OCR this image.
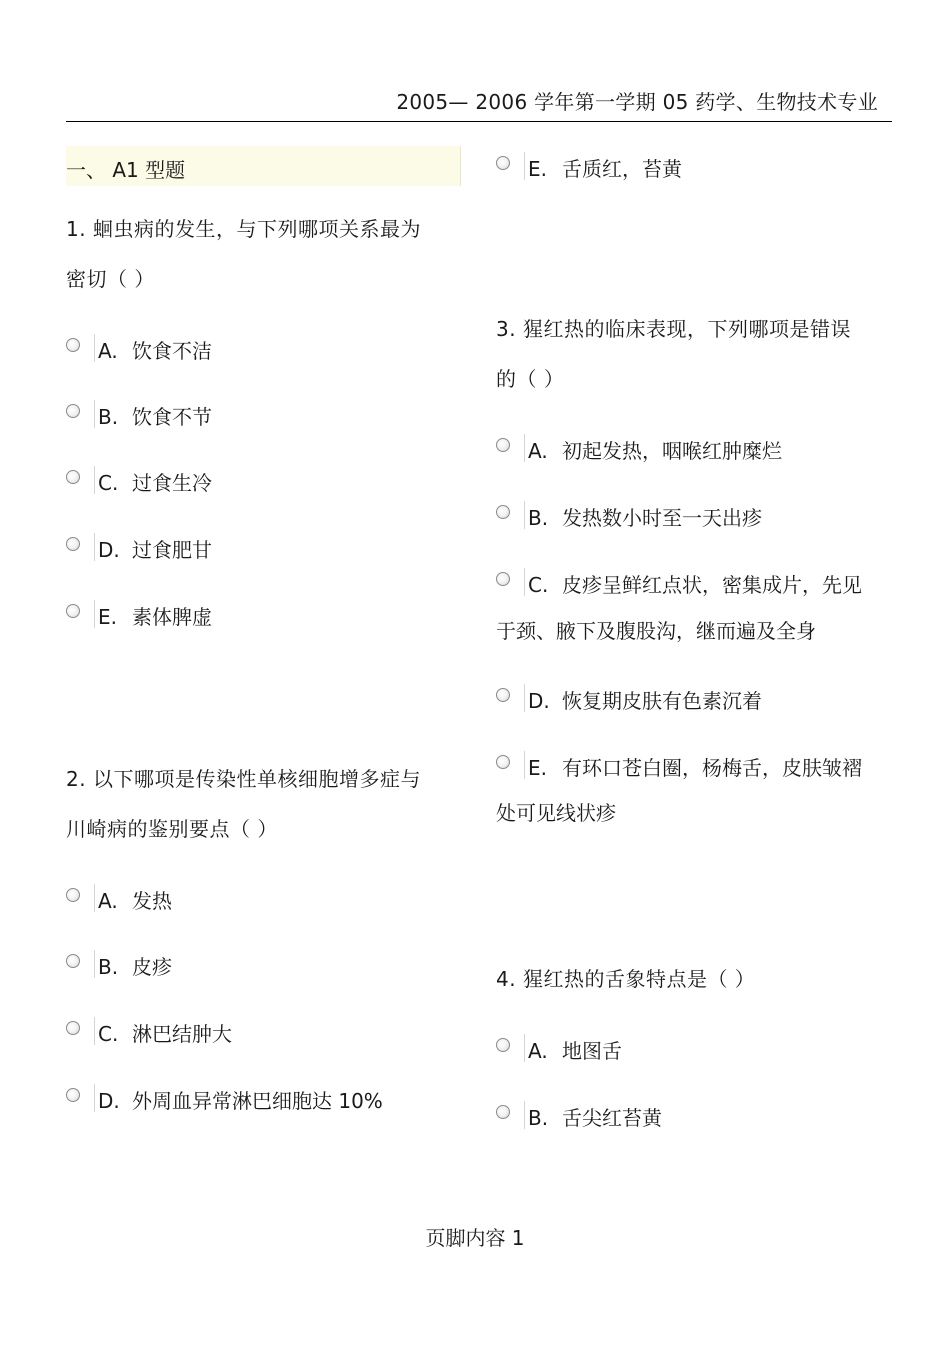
2005— 2006 学年第一学期 05 药学、生物技术专业
一、 A1 型题
1. 蛔虫病的发生，与下列哪项关系最为
密切（ ）
A. 饮食不洁
B. 饮食不节
C. 过食生冷
D. 过食肥甘
E. 素体脾虚
2. 以下哪项是传染性单核细胞增多症与
川崎病的鉴别要点（ ）
A. 发热
B. 皮疹
C. 淋巴结肿大
D. 外周血异常淋巴细胞达 10%
E. 舌质红，苔黄
3. 猩红热的临床表现，下列哪项是错误
的（ ）
A. 初起发热，咽喉红肿糜烂
B. 发热数小时至一天出疹
C. 皮疹呈鲜红点状，密集成片，先见
于颈、腋下及腹股沟，继而遍及全身
D. 恢复期皮肤有色素沉着
E. 有环口苍白圈，杨梅舌，皮肤皱褶
处可见线状疹
4. 猩红热的舌象特点是（ ）
A. 地图舌
B. 舌尖红苔黄
页脚内容 1
